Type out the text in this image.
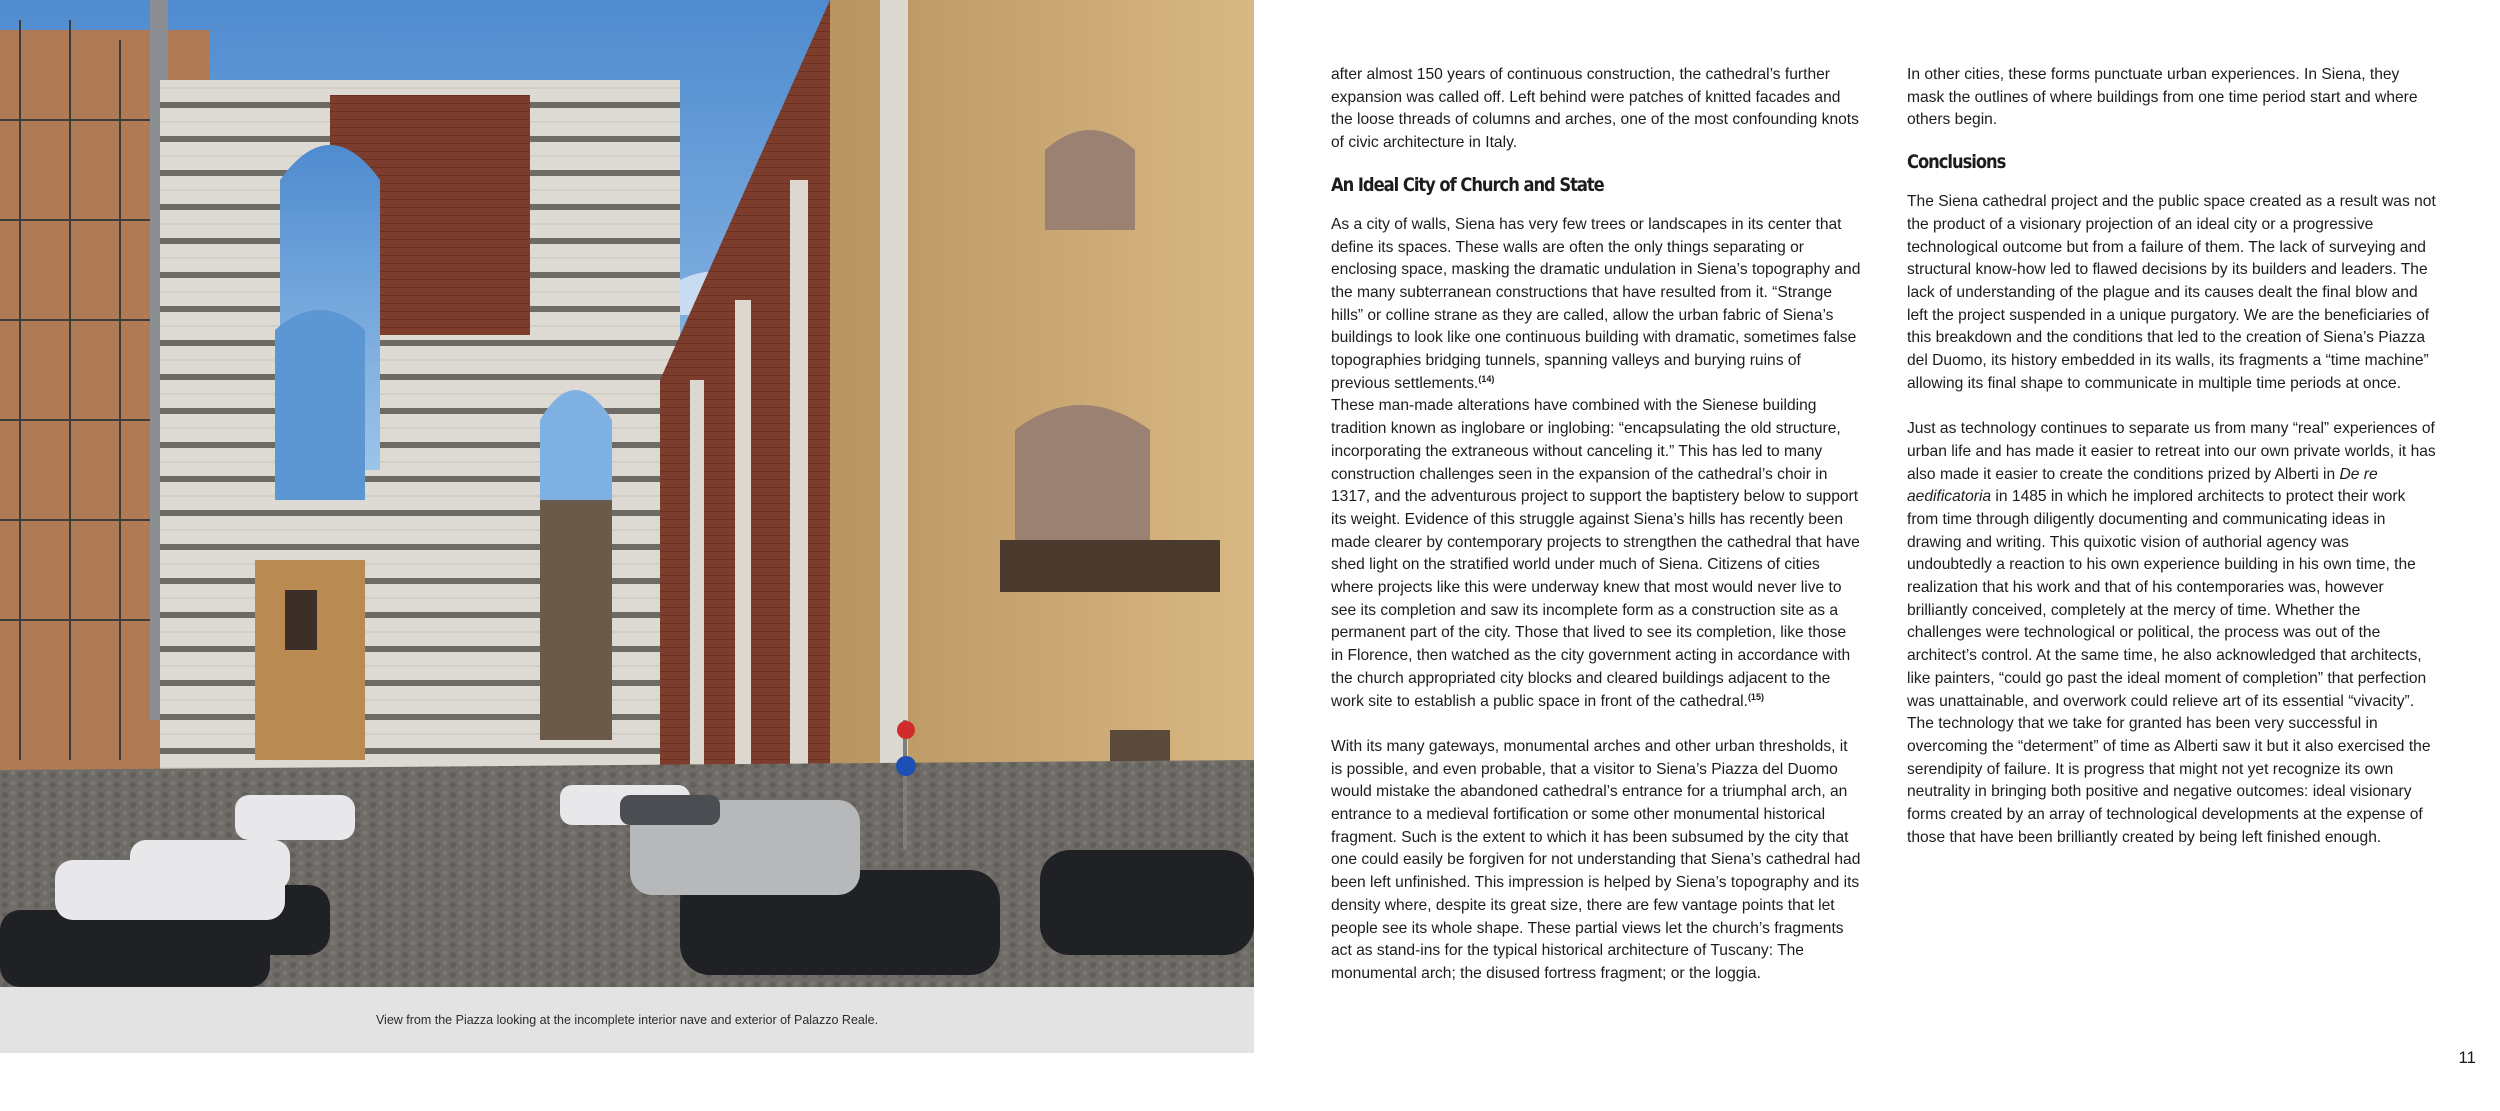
View from the Piazza looking at the incomplete interior nave and exterior of Palazzo Reale.

after almost 150 years of continuous construction, the cathedral’s further expansion was called off. Left behind were patches of knitted facades and the loose threads of columns and arches, one of the most confounding knots of civic architecture in Italy.

An Ideal City of Church and State

As a city of walls, Siena has very few trees or landscapes in its center that define its spaces. These walls are often the only things separating or enclosing space, masking the dramatic undulation in Siena’s topography and the many subterranean constructions that have resulted from it. “Strange hills” or colline strane as they are called, allow the urban fabric of Siena’s buildings to look like one continuous building with dramatic, sometimes false topographies bridging tunnels, spanning valleys and burying ruins of previous settlements.$^{(14)}$

These man-made alterations have combined with the Sienese building tradition known as inglobare or inglobing: “encapsulating the old structure, incorporating the extraneous without canceling it.” This has led to many construction challenges seen in the expansion of the cathedral’s choir in 1317, and the adventurous project to support the baptistery below to support its weight. Evidence of this struggle against Siena’s hills has recently been made clearer by contemporary projects to strengthen the cathedral that have shed light on the stratified world under much of Siena. Citizens of cities where projects like this were underway knew that most would never live to see its completion and saw its incomplete form as a construction site as a permanent part of the city. Those that lived to see its completion, like those in Florence, then watched as the city government acting in accordance with the church appropriated city blocks and cleared buildings adjacent to the work site to establish a public space in front of the cathedral.$^{(15)}$

With its many gateways, monumental arches and other urban thresholds, it is possible, and even probable, that a visitor to Siena’s Piazza del Duomo would mistake the abandoned cathedral’s entrance for a triumphal arch, an entrance to a medieval fortification or some other monumental historical fragment. Such is the extent to which it has been subsumed by the city that one could easily be forgiven for not understanding that Siena’s cathedral had been left unfinished. This impression is helped by Siena’s topography and its density where, despite its great size, there are few vantage points that let people see its whole shape. These partial views let the church’s fragments act as stand-ins for the typical historical architecture of Tuscany: The monumental arch; the disused fortress fragment; or the loggia.

In other cities, these forms punctuate urban experiences. In Siena, they mask the outlines of where buildings from one time period start and where others begin.

Conclusions

The Siena cathedral project and the public space created as a result was not the product of a visionary projection of an ideal city or a progressive technological outcome but from a failure of them. The lack of surveying and structural know-how led to flawed decisions by its builders and leaders. The lack of understanding of the plague and its causes dealt the final blow and left the project suspended in a unique purgatory. We are the beneficiaries of this breakdown and the conditions that led to the creation of Siena’s Piazza del Duomo, its history embedded in its walls, its fragments a “time machine” allowing its final shape to communicate in multiple time periods at once.

Just as technology continues to separate us from many “real” experiences of urban life and has made it easier to retreat into our own private worlds, it has also made it easier to create the conditions prized by Alberti in De re aedificatoria in 1485 in which he implored architects to protect their work from time through diligently documenting and communicating ideas in drawing and writing. This quixotic vision of authorial agency was undoubtedly a reaction to his own experience building in his own time, the realization that his work and that of his contemporaries was, however brilliantly conceived, completely at the mercy of time. Whether the challenges were technological or political, the process was out of the architect’s control. At the same time, he also acknowledged that architects, like painters, “could go past the ideal moment of completion” that perfection was unattainable, and overwork could relieve art of its essential “vivacity”. The technology that we take for granted has been very successful in overcoming the “determent” of time as Alberti saw it but it also exercised the serendipity of failure. It is progress that might not yet recognize its own neutrality in bringing both positive and negative outcomes: ideal visionary forms created by an array of technological developments at the expense of those that have been brilliantly created by being left finished enough.

11
